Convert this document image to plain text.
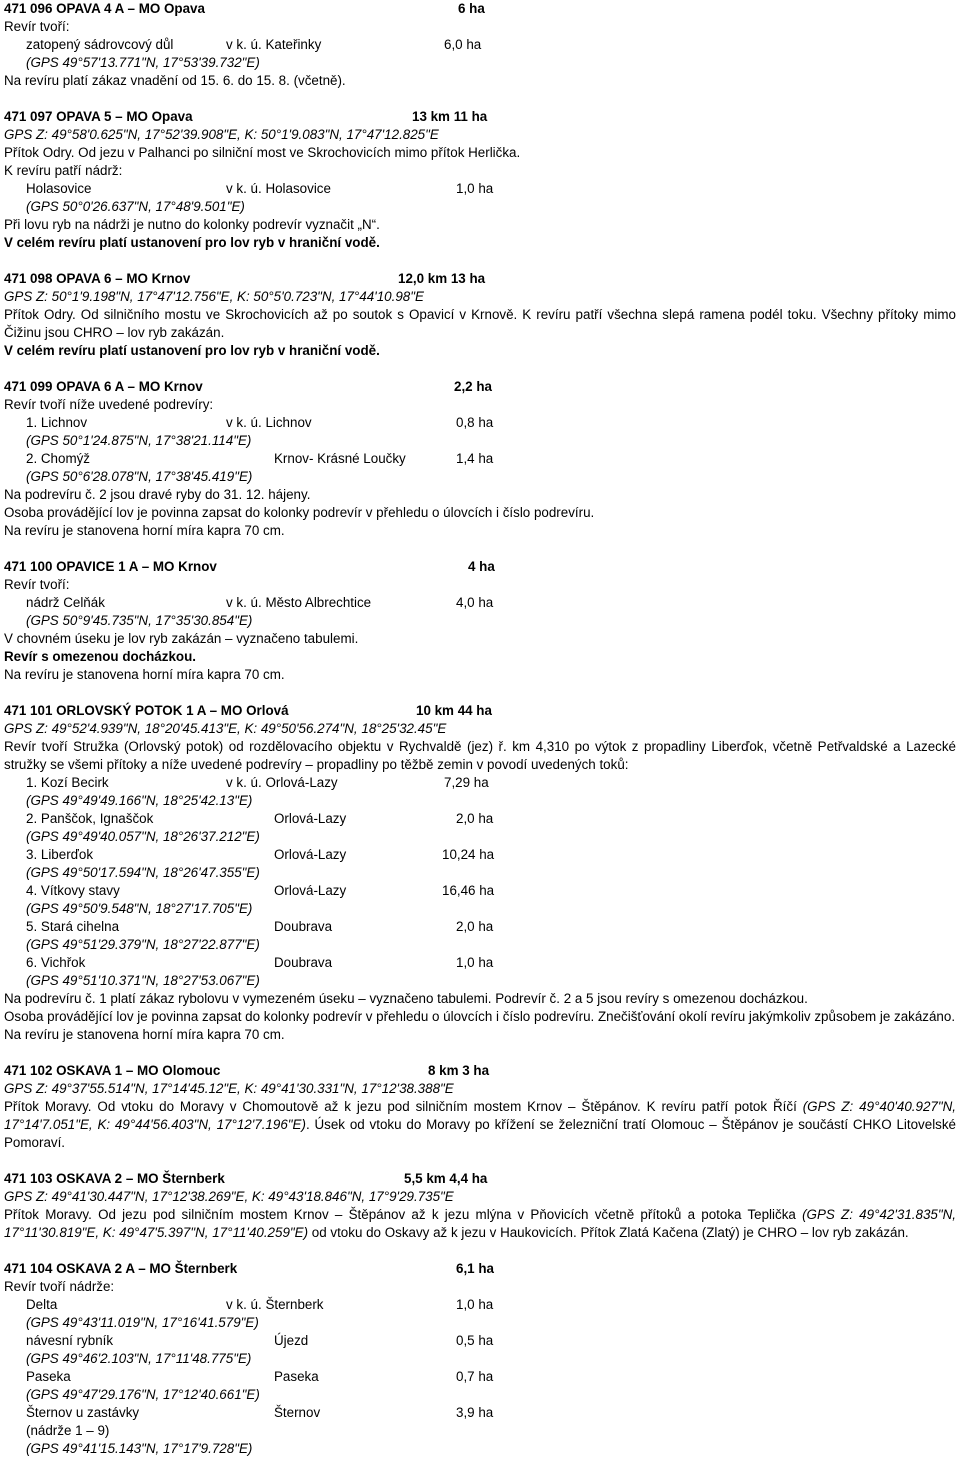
471 096 OPAVA 4 A – MO Opava	6 ha
Revír tvoří:
zatopený sádrovcový důl	v k. ú. Kateřinky	6,0 ha
(GPS 49°57'13.771"N, 17°53'39.732"E)
Na revíru platí zákaz vnadění od 15. 6. do 15. 8. (včetně).
471 097 OPAVA 5 – MO Opava	13 km 11 ha
GPS Z: 49°58'0.625"N, 17°52'39.908"E, K: 50°1'9.083"N, 17°47'12.825"E
Přítok Odry. Od jezu v Palhanci po silniční most ve Skrochovicích mimo přítok Herlička.
K revíru patří nádrž:
Holasovice	v k. ú. Holasovice	1,0 ha
(GPS 50°0'26.637"N, 17°48'9.501"E)
Při lovu ryb na nádrži je nutno do kolonky podrevír vyznačit „N“.
V celém revíru platí ustanovení pro lov ryb v hraniční vodě.
471 098 OPAVA 6 – MO Krnov	12,0 km 13 ha
GPS Z: 50°1'9.198"N, 17°47'12.756"E, K: 50°5'0.723"N, 17°44'10.98"E
Přítok Odry. Od silničního mostu ve Skrochovicích až po soutok s Opavicí v Krnově. K revíru patří všechna slepá ramena podél toku. Všechny přítoky mimo Čižinu jsou CHRO – lov ryb zakázán.
V celém revíru platí ustanovení pro lov ryb v hraniční vodě.
471 099 OPAVA 6 A – MO Krnov	2,2 ha
Revír tvoří níže uvedené podrevíry:
1. Lichnov	v k. ú. Lichnov	0,8 ha
(GPS 50°1'24.875"N, 17°38'21.114"E)
2. Chomýž	Krnov- Krásné Loučky	1,4 ha
(GPS 50°6'28.078"N, 17°38'45.419"E)
Na podrevíru č. 2 jsou dravé ryby do 31. 12. hájeny.
Osoba provádějící lov je povinna zapsat do kolonky podrevír v přehledu o úlovcích i číslo podrevíru.
Na revíru je stanovena horní míra kapra 70 cm.
471 100 OPAVICE 1 A – MO Krnov	4 ha
Revír tvoří:
nádrž Celňák	v k. ú. Město Albrechtice	4,0 ha
(GPS 50°9'45.735"N, 17°35'30.854"E)
V chovném úseku je lov ryb zakázán – vyznačeno tabulemi.
Revír s omezenou docházkou.
Na revíru je stanovena horní míra kapra 70 cm.
471 101 ORLOVSKÝ POTOK 1 A – MO Orlová	10 km 44 ha
GPS Z: 49°52'4.939"N, 18°20'45.413"E, K: 49°50'56.274"N, 18°25'32.45"E
Revír tvoří Stružka (Orlovský potok) od rozdělovacího objektu v Rychvaldě (jez) ř. km 4,310 po výtok z propadliny Liberďok, včetně Petřvaldské a Lazecké stružky se všemi přítoky a níže uvedené podrevíry – propadliny po těžbě zemin v povodí uvedených toků:
1. Kozí Becirk	v k. ú. Orlová-Lazy	7,29 ha
(GPS 49°49'49.166"N, 18°25'42.13"E)
2. Panščok, Ignaščok	Orlová-Lazy	2,0 ha
(GPS 49°49'40.057"N, 18°26'37.212"E)
3. Liberďok	Orlová-Lazy	10,24 ha
(GPS 49°50'17.594"N, 18°26'47.355"E)
4. Vítkovy stavy	Orlová-Lazy	16,46 ha
(GPS 49°50'9.548"N, 18°27'17.705"E)
5. Stará cihelna	Doubrava	2,0 ha
(GPS 49°51'29.379"N, 18°27'22.877"E)
6. Vichřok	Doubrava	1,0 ha
(GPS 49°51'10.371"N, 18°27'53.067"E)
Na podrevíru č. 1 platí zákaz rybolovu v vymezeném úseku – vyznačeno tabulemi. Podrevír č. 2 a 5 jsou revíry s omezenou docházkou.
Osoba provádějící lov je povinna zapsat do kolonky podrevír v přehledu o úlovcích i číslo podrevíru. Znečišťování okolí revíru jakýmkoliv způsobem je zakázáno.
Na revíru je stanovena horní míra kapra 70 cm.
471 102 OSKAVA 1 – MO Olomouc	8 km 3 ha
GPS Z: 49°37'55.514"N, 17°14'45.12"E, K: 49°41'30.331"N, 17°12'38.388"E
Přítok Moravy. Od vtoku do Moravy v Chomoutově až k jezu pod silničním mostem Krnov – Štěpánov. K revíru patří potok Říčí (GPS Z: 49°40'40.927"N, 17°14'7.051"E, K: 49°44'56.403"N, 17°12'7.196"E). Úsek od vtoku do Moravy po křížení se železniční tratí Olomouc – Štěpánov je součástí CHKO Litovelské Pomoraví.
471 103 OSKAVA 2 – MO Šternberk	5,5 km 4,4 ha
GPS Z: 49°41'30.447"N, 17°12'38.269"E, K: 49°43'18.846"N, 17°9'29.735"E
Přítok Moravy. Od jezu pod silničním mostem Krnov – Štěpánov až k jezu mlýna v Pňovicích včetně přítoků a potoka Teplička (GPS Z: 49°42'31.835"N, 17°11'30.819"E, K: 49°47'5.397"N, 17°11'40.259"E) od vtoku do Oskavy až k jezu v Haukovicích. Přítok Zlatá Kačena (Zlatý) je CHRO – lov ryb zakázán.
471 104 OSKAVA 2 A – MO Šternberk	6,1 ha
Revír tvoří nádrže:
Delta	v k. ú. Šternberk	1,0 ha
(GPS 49°43'11.019"N, 17°16'41.579"E)
návesní rybník	Újezd	0,5 ha
(GPS 49°46'2.103"N, 17°11'48.775"E)
Paseka	Paseka	0,7 ha
(GPS 49°47'29.176"N, 17°12'40.661"E)
Šternov u zastávky	Šternov	3,9 ha
(nádrže 1 – 9)
(GPS 49°41'15.143"N, 17°17'9.728"E)
